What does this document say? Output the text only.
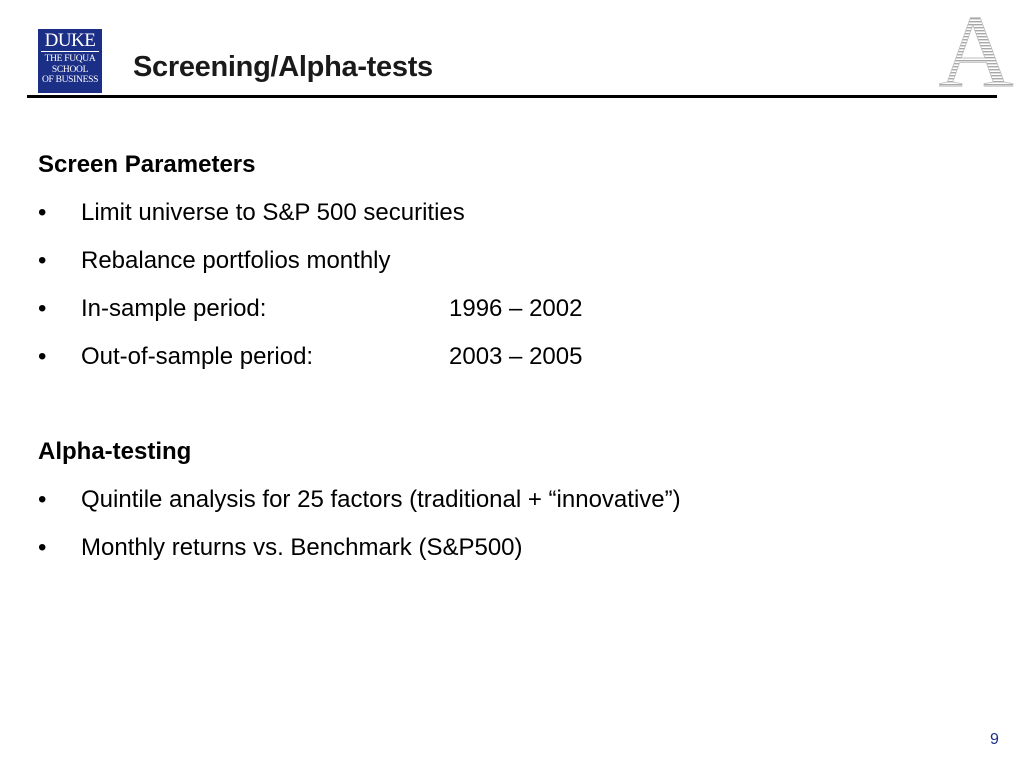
DUKE
THE FUQUA
SCHOOL
OF BUSINESS Screening/Alpha-tests	A
Screen Parameters
• Limit universe to S&P 500 securities
• Rebalance portfolios monthly
• In-sample period:	1996 – 2002
• Out-of-sample period:	2003 – 2005
Alpha-testing
• Quintile analysis for 25 factors (traditional + “innovative”)
• Monthly returns vs. Benchmark (S&P500)
9
